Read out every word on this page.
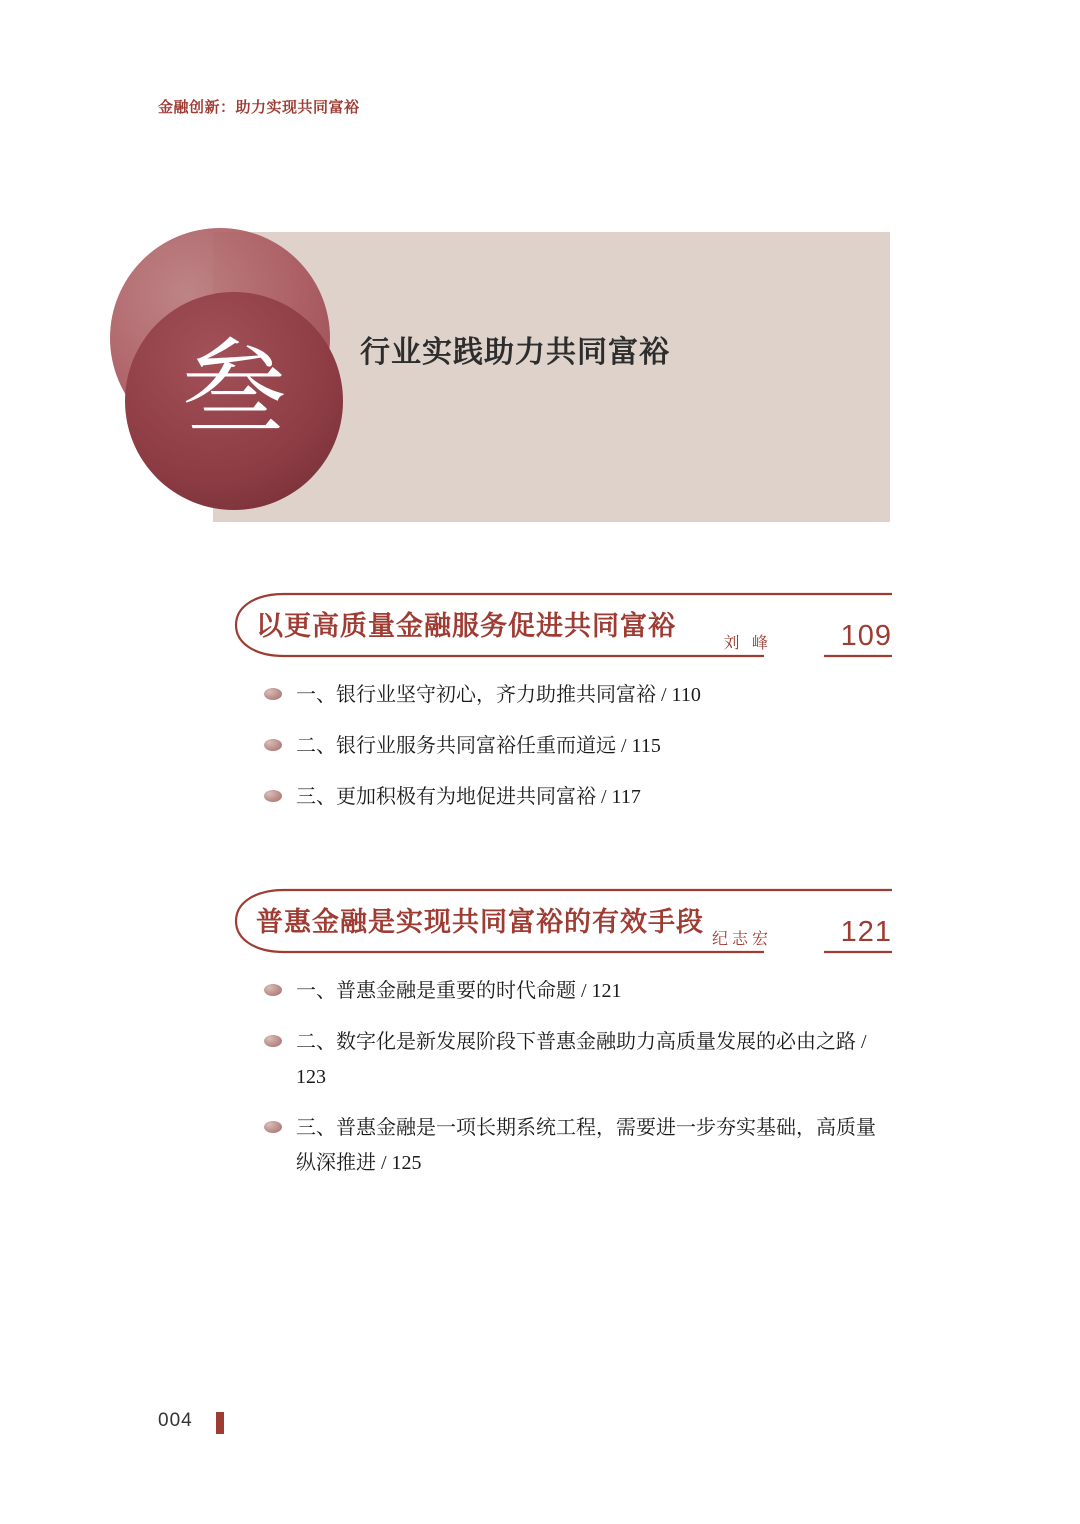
金融创新：助力实现共同富裕
叁	行业实践助力共同富裕
以更高质量金融服务促进共同富裕
刘 峰 109
一、银行业坚守初心，齐力助推共同富裕 / 110
二、银行业服务共同富裕任重而道远 / 115
三、更加积极有为地促进共同富裕 / 117
普惠金融是实现共同富裕的有效手段
纪志宏 121
一、普惠金融是重要的时代命题 / 121
二、数字化是新发展阶段下普惠金融助力高质量发展的必由之路 / 123
三、普惠金融是一项长期系统工程，需要进一步夯实基础，高质量纵深推进 / 125
004
